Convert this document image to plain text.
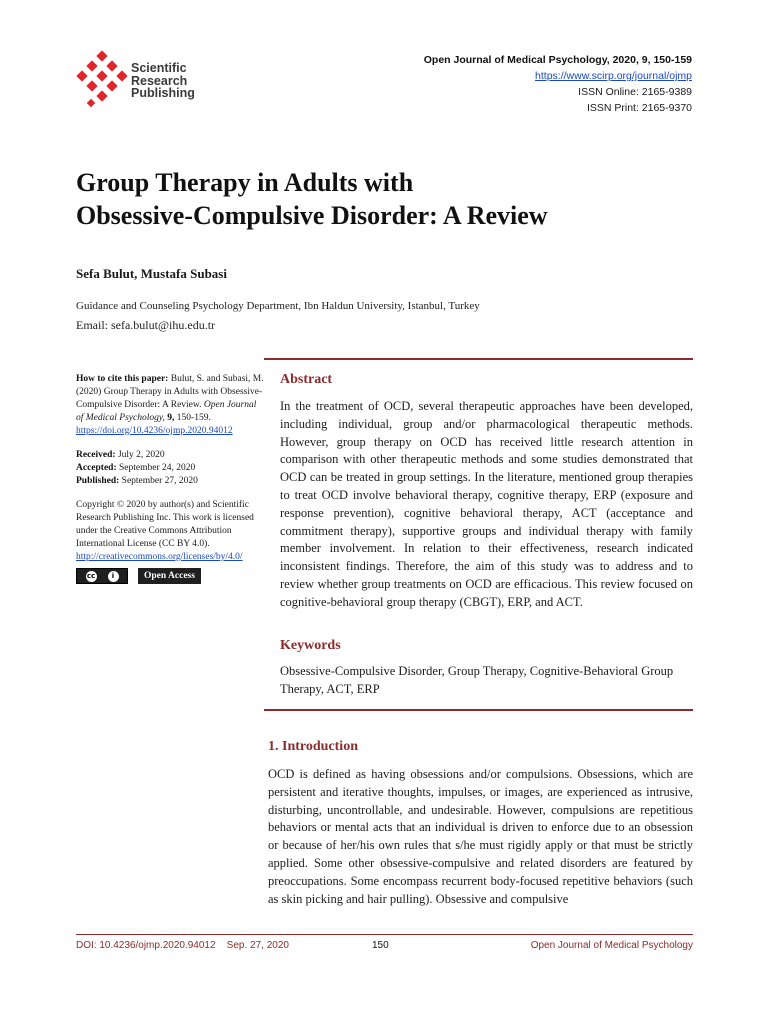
Scientific
Research
Publishing
Open Journal of Medical Psychology, 2020, 9, 150-159
https://www.scirp.org/journal/ojmp
ISSN Online: 2165-9389
ISSN Print: 2165-9370
Group Therapy in Adults with
Obsessive-Compulsive Disorder: A Review
Sefa Bulut, Mustafa Subasi
Guidance and Counseling Psychology Department, Ibn Haldun University, Istanbul, Turkey
Email: sefa.bulut@ihu.edu.tr

How to cite this paper: Bulut, S. and Subasi, M. (2020) Group Therapy in Adults with Obsessive-Compulsive Disorder: A Review. Open Journal of Medical Psychology, 9, 150-159.
https://doi.org/10.4236/ojmp.2020.94012

Received: July 2, 2020
Accepted: September 24, 2020
Published: September 27, 2020

Copyright © 2020 by author(s) and Scientific Research Publishing Inc. This work is licensed under the Creative Commons Attribution International License (CC BY 4.0).
http://creativecommons.org/licenses/by/4.0/

cc	i	Open Access
Abstract
In the treatment of OCD, several therapeutic approaches have been developed, including individual, group and/or pharmacological therapeutic methods. However, group therapy on OCD has received little research attention in comparison with other therapeutic methods and some studies demonstrated that OCD can be treated in group settings. In the literature, mentioned group therapies to treat OCD involve behavioral therapy, cognitive therapy, ERP (exposure and response prevention), cognitive behavioral therapy, ACT (acceptance and commitment therapy), supportive groups and individual therapy with family member involvement. In relation to their effectiveness, research indicated inconsistent findings. Therefore, the aim of this study was to address and to review whether group treatments on OCD are efficacious. This review focused on cognitive-behavioral group therapy (CBGT), ERP, and ACT.
Keywords
Obsessive-Compulsive Disorder, Group Therapy, Cognitive-Behavioral Group Therapy, ACT, ERP
1. Introduction
OCD is defined as having obsessions and/or compulsions. Obsessions, which are persistent and iterative thoughts, impulses, or images, are experienced as intrusive, disturbing, uncontrollable, and undesirable. However, compulsions are repetitious behaviors or mental acts that an individual is driven to enforce due to an obsession or because of her/his own rules that s/he must rigidly apply or that must be strictly applied. Some other obsessive-compulsive and related disorders are featured by preoccupations. Some encompass recurrent body-focused repetitive behaviors (such as skin picking and hair pulling). Obsessive and compulsive
DOI: 10.4236/ojmp.2020.94012 Sep. 27, 2020	150	Open Journal of Medical Psychology
